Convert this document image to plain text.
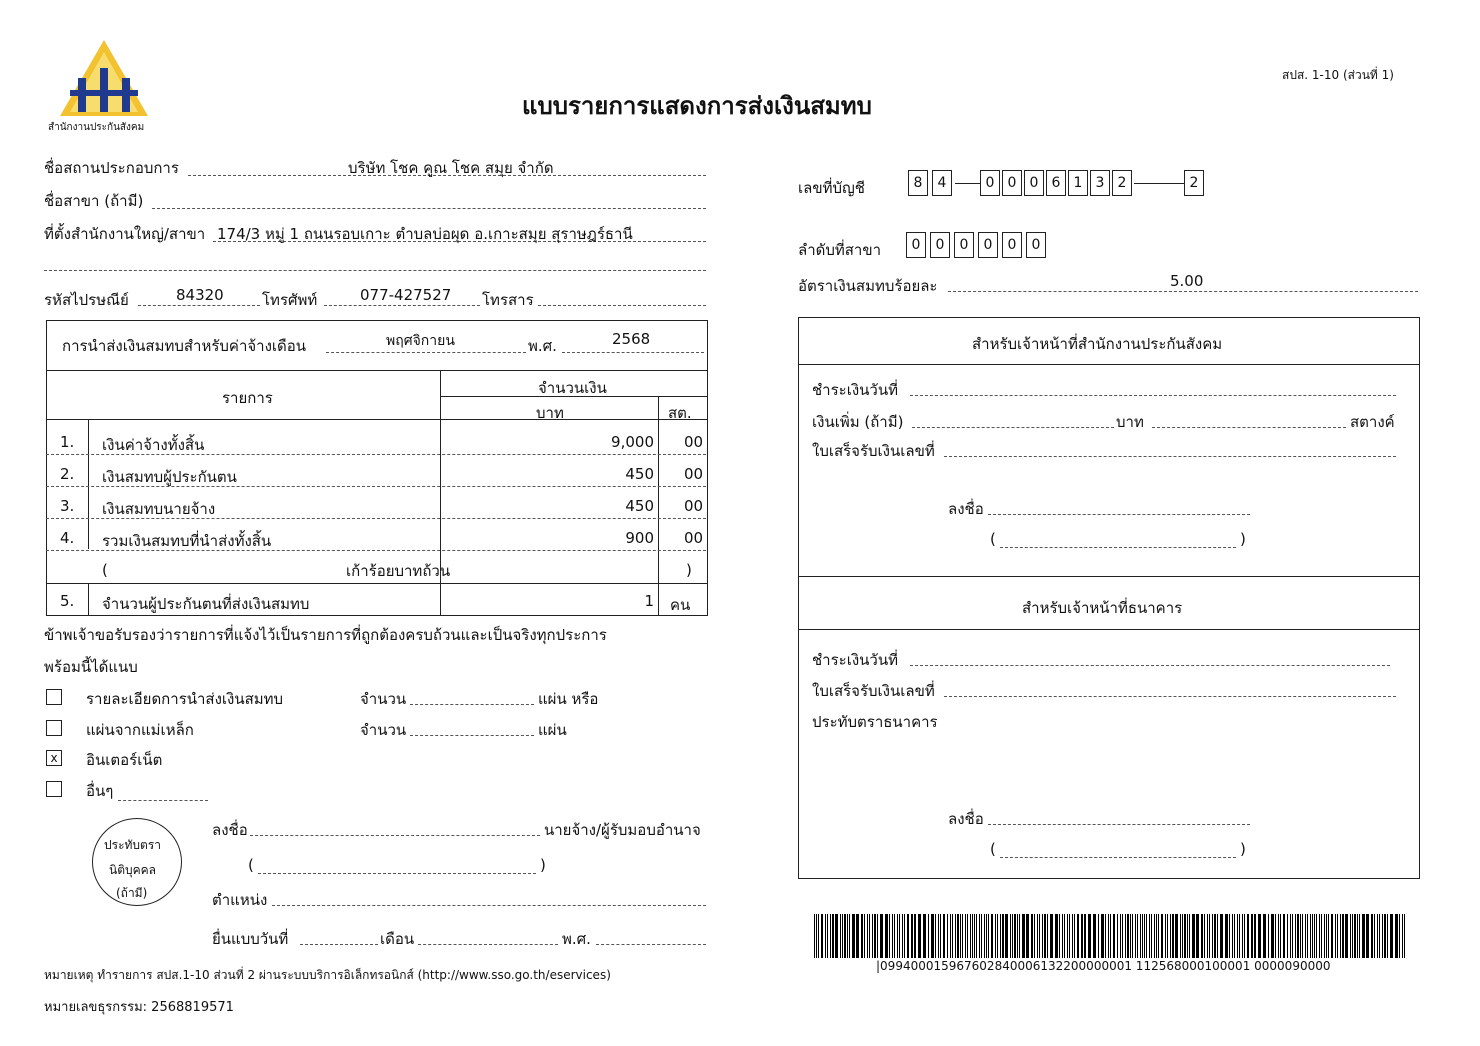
สำนักงานประกันสังคม
แบบรายการแสดงการส่งเงินสมทบ
สปส. 1-10 (ส่วนที่ 1)
ชื่อสถานประกอบการ	บริษัท โชค คูณ โชค สมุย จำกัด
ชื่อสาขา (ถ้ามี)
ที่ตั้งสำนักงานใหญ่/สาขา 174/3 หมู่ 1 ถนนรอบเกาะ ตำบลบ่อผุด อ.เกาะสมุย สุราษฎร์ธานี
รหัสไปรษณีย์	84320	โทรศัพท์	077-427527 โทรสาร
การนำส่งเงินสมทบสำหรับค่าจ้างเดือน	พฤศจิกายน	พ.ศ.	2568
รายการ
จำนวนเงิน
บาท	สต.
1. เงินค่าจ้างทั้งสิ้น	9,000 00
2. เงินสมทบผู้ประกันตน	450 00
3. เงินสมทบนายจ้าง	450 00
4. รวมเงินสมทบที่นำส่งทั้งสิ้น	900 00
(	เก้าร้อยบาทถ้วน	)
5. จำนวนผู้ประกันตนที่ส่งเงินสมทบ	1 คน
ข้าพเจ้าขอรับรองว่ารายการที่แจ้งไว้เป็นรายการที่ถูกต้องครบถ้วนและเป็นจริงทุกประการ
พร้อมนี้ได้แนบ
รายละเอียดการนำส่งเงินสมทบ	จำนวน	แผ่น หรือ
แผ่นจากแม่เหล็ก	จำนวน	แผ่น
x อินเตอร์เน็ต
อื่นๆ
ประทับตรา
นิติบุคคล
(ถ้ามี)
ลงชื่อ	นายจ้าง/ผู้รับมอบอำนาจ
(	)
ตำแหน่ง
ยื่นแบบวันที่	เดือน	พ.ศ.
หมายเหตุ ทำรายการ สปส.1-10 ส่วนที่ 2 ผ่านระบบบริการอิเล็กทรอนิกส์ (http://www.sso.go.th/eservices)
หมายเลขธุรกรรม: 2568819571
เลขที่บัญชี	8	4	0 0 0 6 1 3 2	2
ลำดับที่สาขา	0	0	0	0	0	0
อัตราเงินสมทบร้อยละ	5.00
สำหรับเจ้าหน้าที่สำนักงานประกันสังคม
ชำระเงินวันที่
เงินเพิ่ม (ถ้ามี)	บาท	สตางค์
ใบเสร็จรับเงินเลขที่
ลงชื่อ
(	)
สำหรับเจ้าหน้าที่ธนาคาร
ชำระเงินวันที่
ใบเสร็จรับเงินเลขที่
ประทับตราธนาคาร
ลงชื่อ
(	)
|099400015967602840006132200000001 112568000100001 0000090000
